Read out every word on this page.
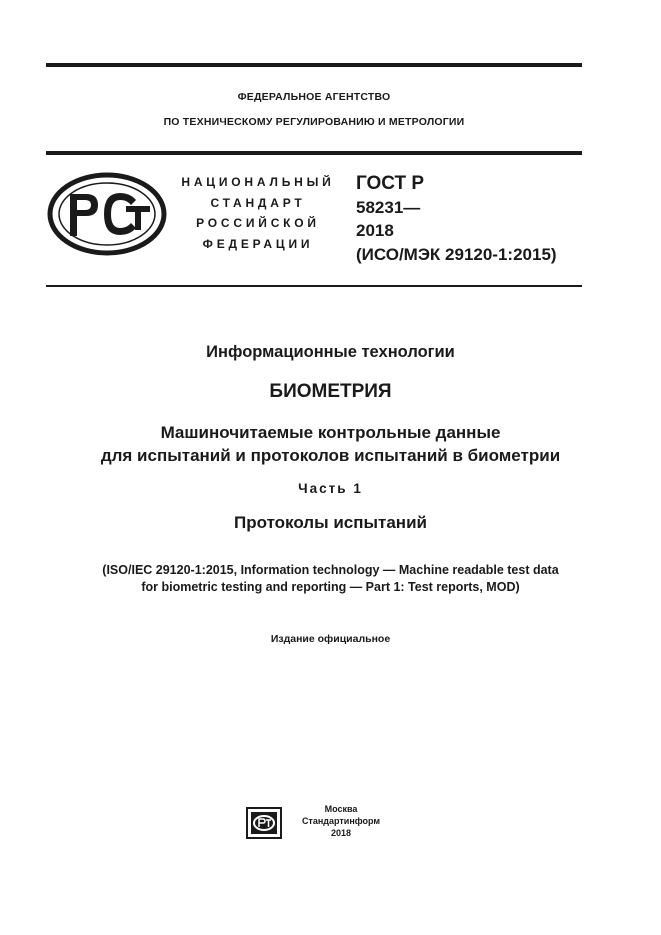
ФЕДЕРАЛЬНОЕ АГЕНТСТВО
ПО ТЕХНИЧЕСКОМУ РЕГУЛИРОВАНИЮ И МЕТРОЛОГИИ
НАЦИОНАЛЬНЫЙ
СТАНДАРТ
РОССИЙСКОЙ
ФЕДЕРАЦИИ
ГОСТ Р
58231—
2018
(ИСО/МЭК 29120-1:2015)
Информационные технологии
БИОМЕТРИЯ
Машиночитаемые контрольные данные
для испытаний и протоколов испытаний в биометрии
Часть 1
Протоколы испытаний
(ISO/IEC 29120-1:2015, Information technology — Machine readable test data
for biometric testing and reporting — Part 1: Test reports, MOD)
Издание официальное
Москва
Стандартинформ
2018
